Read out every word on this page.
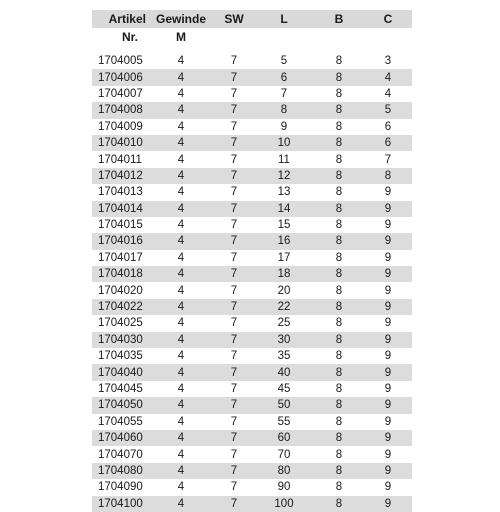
Artikel	Gewinde	SW	L	B	C
Nr.	M				

1704005	4	7	5	8	3
1704006	4	7	6	8	4
1704007	4	7	7	8	4
1704008	4	7	8	8	5
1704009	4	7	9	8	6
1704010	4	7	10	8	6
1704011	4	7	11	8	7
1704012	4	7	12	8	8
1704013	4	7	13	8	9
1704014	4	7	14	8	9
1704015	4	7	15	8	9
1704016	4	7	16	8	9
1704017	4	7	17	8	9
1704018	4	7	18	8	9
1704020	4	7	20	8	9
1704022	4	7	22	8	9
1704025	4	7	25	8	9
1704030	4	7	30	8	9
1704035	4	7	35	8	9
1704040	4	7	40	8	9
1704045	4	7	45	8	9
1704050	4	7	50	8	9
1704055	4	7	55	8	9
1704060	4	7	60	8	9
1704070	4	7	70	8	9
1704080	4	7	80	8	9
1704090	4	7	90	8	9
1704100	4	7	100	8	9
